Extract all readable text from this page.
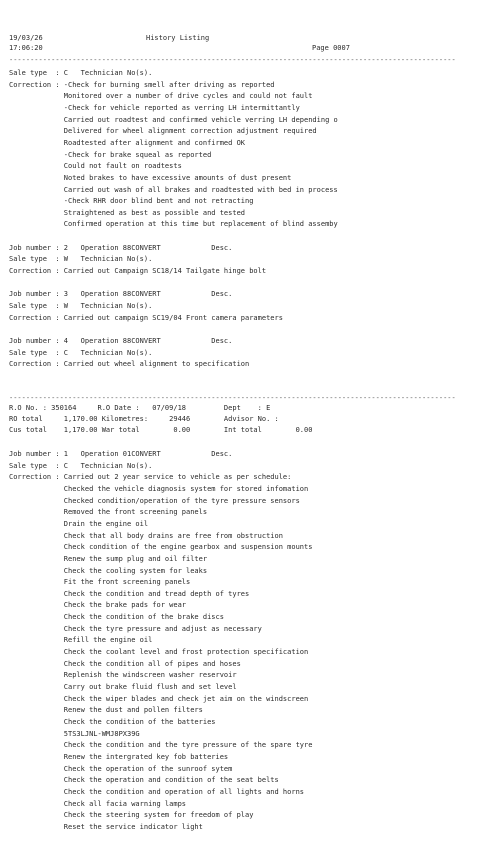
19/03/26	History Listing
17:06:20	Page 0007
----------------------------------------------------------------------------------------------------------
Sale type  : C   Technician No(s).
Correction : -Check for burning smell after driving as reported
Monitored over a number of drive cycles and could not fault
-Check for vehicle reported as verring LH intermittantly
Carried out roadtest and confirmed vehicle verring LH depending o
Delivered for wheel alignment correction adjustment required
Roadtested after alignment and confirmed OK
-Check for brake squeal as reported
Could not fault on roadtests
Noted brakes to have excessive amounts of dust present
Carried out wash of all brakes and roadtested with bed in process
-Check RHR door blind bent and not retracting
Straightened as best as possible and tested
Confirmed operation at this time but replacement of blind assemby
Job number : 2   Operation 88CONVERT            Desc.
Sale type  : W   Technician No(s).
Correction : Carried out Campaign SC18/14 Tailgate hinge bolt
Job number : 3   Operation 88CONVERT            Desc.
Sale type  : W   Technician No(s).
Correction : Carried out campaign SC19/04 Front camera parameters
Job number : 4   Operation 88CONVERT            Desc.
Sale type  : C   Technician No(s).
Correction : Carried out wheel alignment to specification
----------------------------------------------------------------------------------------------------------
R.O No. : 350164     R.O Date :   07/09/18         Dept    : E
RO total     1,170.00 Kilometres:     29446        Advisor No. :
Cus total    1,170.00 War total        0.00        Int total        0.00
Job number : 1   Operation 01CONVERT            Desc.
Sale type  : C   Technician No(s).
Correction : Carried out 2 year service to vehicle as per schedule:
Checked the vehicle diagnosis system for stored infomation
Checked condition/operation of the tyre pressure sensors
Removed the front screening panels
Drain the engine oil
Check that all body drains are free from obstruction
Check condition of the engine gearbox and suspension mounts
Renew the sump plug and oil filter
Check the cooling system for leaks
Fit the front screening panels
Check the condition and tread depth of tyres
Check the brake pads for wear
Check the condition of the brake discs
Check the tyre pressure and adjust as necessary
Refill the engine oil
Check the coolant level and frost protection specification
Check the condition all of pipes and hoses
Replenish the windscreen washer reservoir
Carry out brake fluid flush and set level
Check the wiper blades and check jet aim on the windscreen
Renew the dust and pollen filters
Check the condition of the batteries
5TS3LJNL-WMJ8PX39G
Check the condition and the tyre pressure of the spare tyre
Renew the intergrated key fob batteries
Check the operation of the sunroof sytem
Check the operation and condition of the seat belts
Check the condition and operation of all lights and horns
Check all facia warning lamps
Check the steering system for freedom of play
Reset the service indicator light
